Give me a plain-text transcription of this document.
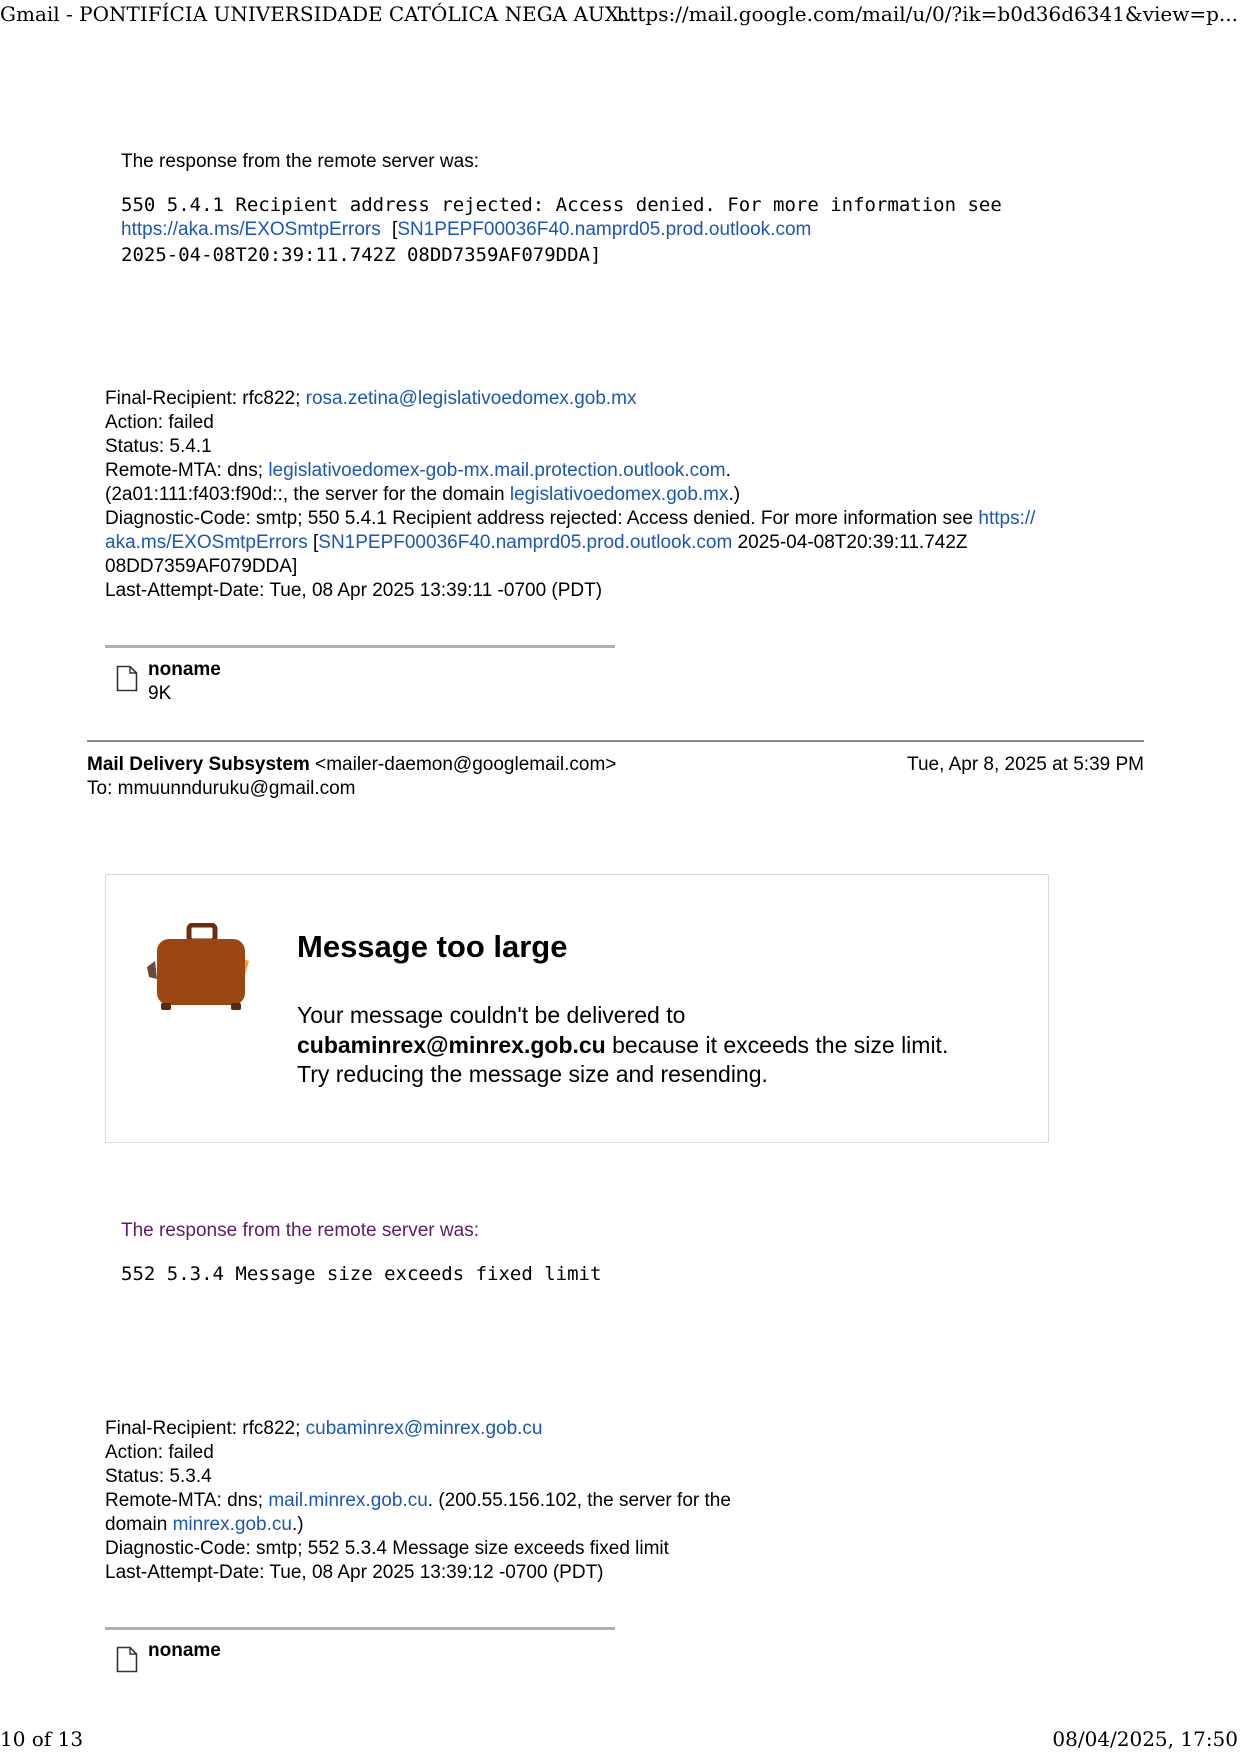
Gmail - PONTIFÍCIA UNIVERSIDADE CATÓLICA NEGA AUX...
https://mail.google.com/mail/u/0/?ik=b0d36d6341&view=p...
The response from the remote server was:
550 5.4.1 Recipient address rejected: Access denied. For more information see
https://aka.ms/EXOSmtpErrors [SN1PEPF00036F40.namprd05.prod.outlook.com
2025-04-08T20:39:11.742Z 08DD7359AF079DDA]
Final-Recipient: rfc822; rosa.zetina@legislativoedomex.gob.mx
Action: failed
Status: 5.4.1
Remote-MTA: dns; legislativoedomex-gob-mx.mail.protection.outlook.com.
(2a01:111:f403:f90d::, the server for the domain legislativoedomex.gob.mx.)
Diagnostic-Code: smtp; 550 5.4.1 Recipient address rejected: Access denied. For more information see https://
aka.ms/EXOSmtpErrors [SN1PEPF00036F40.namprd05.prod.outlook.com 2025-04-08T20:39:11.742Z
08DD7359AF079DDA]
Last-Attempt-Date: Tue, 08 Apr 2025 13:39:11 -0700 (PDT)
noname
9K
Mail Delivery Subsystem <mailer-daemon@googlemail.com>	Tue, Apr 8, 2025 at 5:39 PM
To: mmuunnduruku@gmail.com
Message too large
Your message couldn't be delivered to
cubaminrex@minrex.gob.cu because it exceeds the size limit.
Try reducing the message size and resending.
The response from the remote server was:
552 5.3.4 Message size exceeds fixed limit
Final-Recipient: rfc822; cubaminrex@minrex.gob.cu
Action: failed
Status: 5.3.4
Remote-MTA: dns; mail.minrex.gob.cu. (200.55.156.102, the server for the
domain minrex.gob.cu.)
Diagnostic-Code: smtp; 552 5.3.4 Message size exceeds fixed limit
Last-Attempt-Date: Tue, 08 Apr 2025 13:39:12 -0700 (PDT)
noname
10 of 13	08/04/2025, 17:50
